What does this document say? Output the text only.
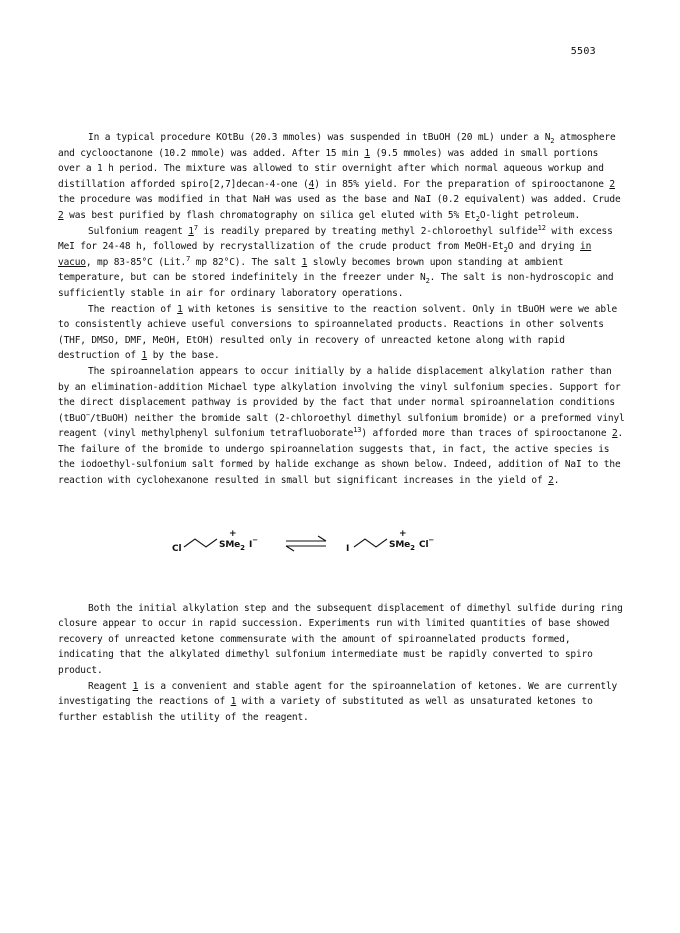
5503

In a typical procedure KOtBu (20.3 mmoles) was suspended in tBuOH (20 mL) under a $N_2$ atmosphere and cyclooctanone (10.2 mmole) was added. After 15 min 1 (9.5 mmoles) was added in small portions over a 1 h period. The mixture was allowed to stir overnight after which normal aqueous workup and distillation afforded spiro[2,7]decan-4-one (4) in 85% yield. For the preparation of spirooctanone 2 the procedure was modified in that NaH was used as the base and NaI (0.2 equivalent) was added. Crude 2 was best purified by flash chromatography on silica gel eluted with 5% $Et_2O$-light petroleum.

Sulfonium reagent $1^7$ is readily prepared by treating methyl 2-chloroethyl sulfide$^{12}$ with excess MeI for 24-48 h, followed by recrystallization of the crude product from MeOH-$Et_2O$ and drying in vacuo, mp 83-85°C (Lit.$^7$ mp 82°C). The salt 1 slowly becomes brown upon standing at ambient temperature, but can be stored indefinitely in the freezer under $N_2$. The salt is non-hydroscopic and sufficiently stable in air for ordinary laboratory operations.

The reaction of 1 with ketones is sensitive to the reaction solvent. Only in tBuOH were we able to consistently achieve useful conversions to spiroannelated products. Reactions in other solvents (THF, DMSO, DMF, MeOH, EtOH) resulted only in recovery of unreacted ketone along with rapid destruction of 1 by the base.

The spiroannelation appears to occur initially by a halide displacement alkylation rather than by an elimination-addition Michael type alkylation involving the vinyl sulfonium species. Support for the direct displacement pathway is provided by the fact that under normal spiroannelation conditions (tBuO−/tBuOH) neither the bromide salt (2-chloroethyl dimethyl sulfonium bromide) or a preformed vinyl reagent (vinyl methylphenyl sulfonium tetrafluoborate$^{13}$) afforded more than traces of spirooctanone 2. The failure of the bromide to undergo spiroannelation suggests that, in fact, the active species is the iodoethyl-sulfonium salt formed by halide exchange as shown below. Indeed, addition of NaI to the reaction with cyclohexanone resulted in small but significant increases in the yield of 2.

Cl	SMe$_2$
+
I−
I	SMe$_2$
+
Cl−

Both the initial alkylation step and the subsequent displacement of dimethyl sulfide during ring closure appear to occur in rapid succession. Experiments run with limited quantities of base showed recovery of unreacted ketone commensurate with the amount of spiroannelated products formed, indicating that the alkylated dimethyl sulfonium intermediate must be rapidly converted to spiro product.

Reagent 1 is a convenient and stable agent for the spiroannelation of ketones. We are currently investigating the reactions of 1 with a variety of substituted as well as unsaturated ketones to further establish the utility of the reagent.
